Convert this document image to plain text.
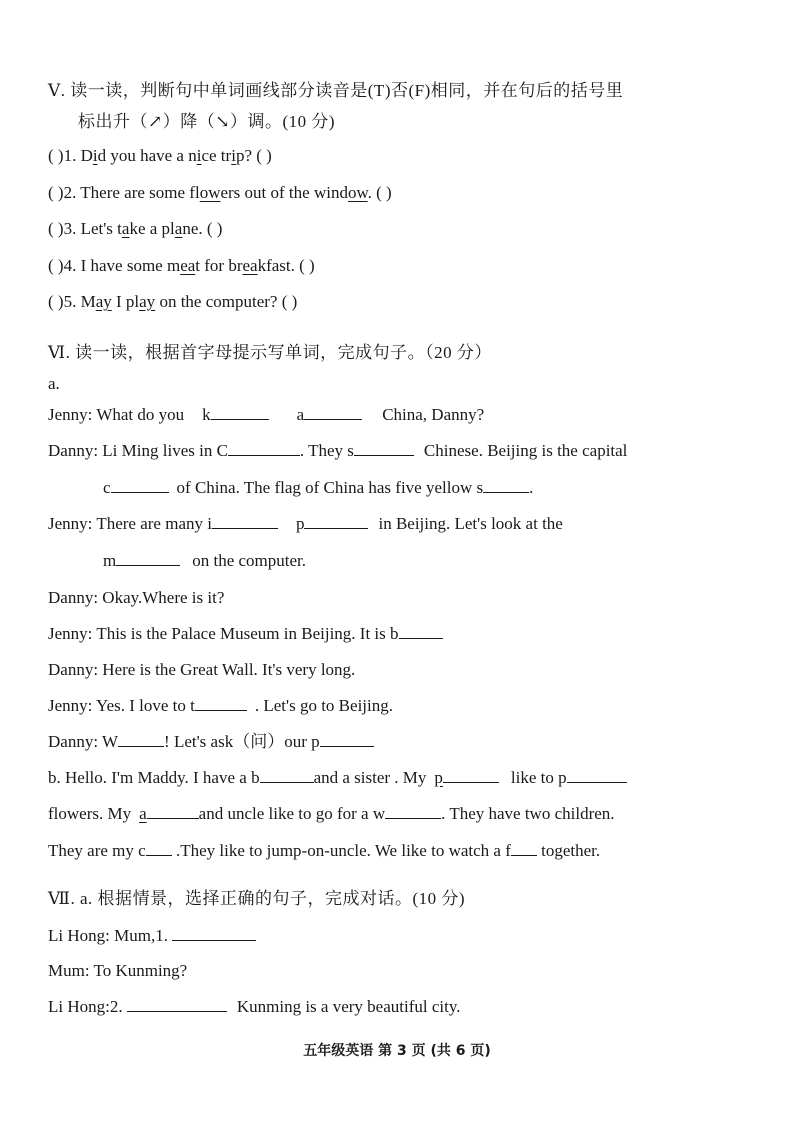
Ⅴ. 读一读，判断句中单词画线部分读音是(T)否(F)相同，并在句后的括号里
标出升（↗）降（↘）调。(10 分)
( )1. Did you have a nice trip? ( )
( )2. There are some flowers out of the window. ( )
( )3. Let's take a plane. ( )
( )4. I have some meat for breakfast. ( )
( )5. May I play on the computer? ( )
Ⅵ. 读一读，根据首字母提示写单词，完成句子。（20 分）
a.
Jenny: What do you k	a	China, Danny?
Danny: Li Ming lives in C	. They s	Chinese. Beijing is the capital
c	of China. The flag of China has five yellow s	.
Jenny: There are many i	p	in Beijing. Let's look at the
m	on the computer.
Danny: Okay.Where is it?
Jenny: This is the Palace Museum in Beijing. It is b
Danny: Here is the Great Wall. It's very long.
Jenny: Yes. I love to t	. Let's go to Beijing.
Danny: W	! Let's ask（问）our p
b. Hello. I'm Maddy. I have a b	and a sister . My p	like to p
flowers. My a	and uncle like to go for a w	. They have two children.
They are my c .They like to jump-on-uncle. We like to watch a f together.
Ⅶ. a. 根据情景，选择正确的句子，完成对话。(10 分)
Li Hong: Mum,1.
Mum: To Kunming?
Li Hong:2.	Kunming is a very beautiful city.
五年级英语 第 3 页 (共 6 页)
